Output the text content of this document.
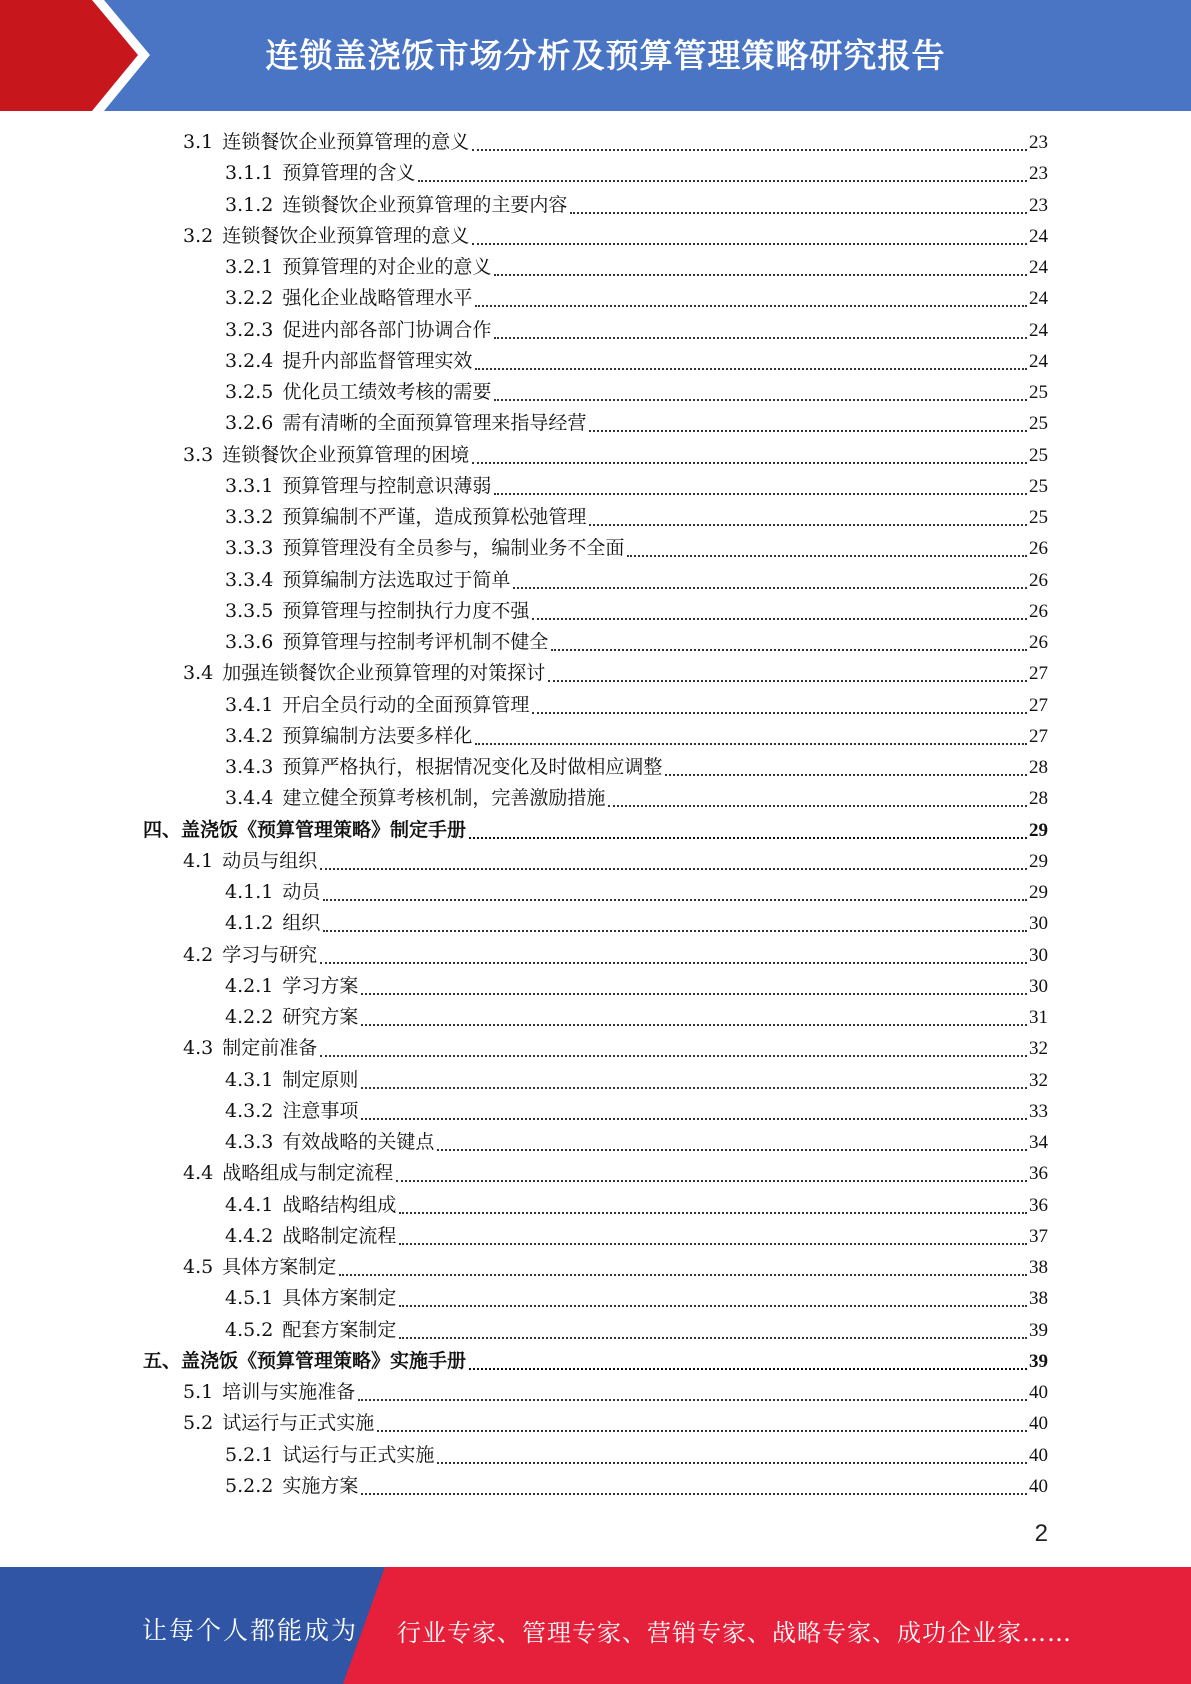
连锁盖浇饭市场分析及预算管理策略研究报告
3.1 连锁餐饮企业预算管理的意义	23
3.1.1 预算管理的含义	23
3.1.2 连锁餐饮企业预算管理的主要内容	23
3.2 连锁餐饮企业预算管理的意义	24
3.2.1 预算管理的对企业的意义	24
3.2.2 强化企业战略管理水平	24
3.2.3 促进内部各部门协调合作	24
3.2.4 提升内部监督管理实效	24
3.2.5 优化员工绩效考核的需要	25
3.2.6 需有清晰的全面预算管理来指导经营	25
3.3 连锁餐饮企业预算管理的困境	25
3.3.1 预算管理与控制意识薄弱	25
3.3.2 预算编制不严谨，造成预算松弛管理	25
3.3.3 预算管理没有全员参与，编制业务不全面	26
3.3.4 预算编制方法选取过于简单	26
3.3.5 预算管理与控制执行力度不强	26
3.3.6 预算管理与控制考评机制不健全	26
3.4 加强连锁餐饮企业预算管理的对策探讨	27
3.4.1 开启全员行动的全面预算管理	27
3.4.2 预算编制方法要多样化	27
3.4.3 预算严格执行，根据情况变化及时做相应调整	28
3.4.4 建立健全预算考核机制，完善激励措施	28
四、盖浇饭《预算管理策略》制定手册	29
4.1 动员与组织	29
4.1.1 动员	29
4.1.2 组织	30
4.2 学习与研究	30
4.2.1 学习方案	30
4.2.2 研究方案	31
4.3 制定前准备	32
4.3.1 制定原则	32
4.3.2 注意事项	33
4.3.3 有效战略的关键点	34
4.4 战略组成与制定流程	36
4.4.1 战略结构组成	36
4.4.2 战略制定流程	37
4.5 具体方案制定	38
4.5.1 具体方案制定	38
4.5.2 配套方案制定	39
五、盖浇饭《预算管理策略》实施手册	39
5.1 培训与实施准备	40
5.2 试运行与正式实施	40
5.2.1 试运行与正式实施	40
5.2.2 实施方案	40
2
让每个人都能成为 行业专家、管理专家、营销专家、战略专家、成功企业家……
